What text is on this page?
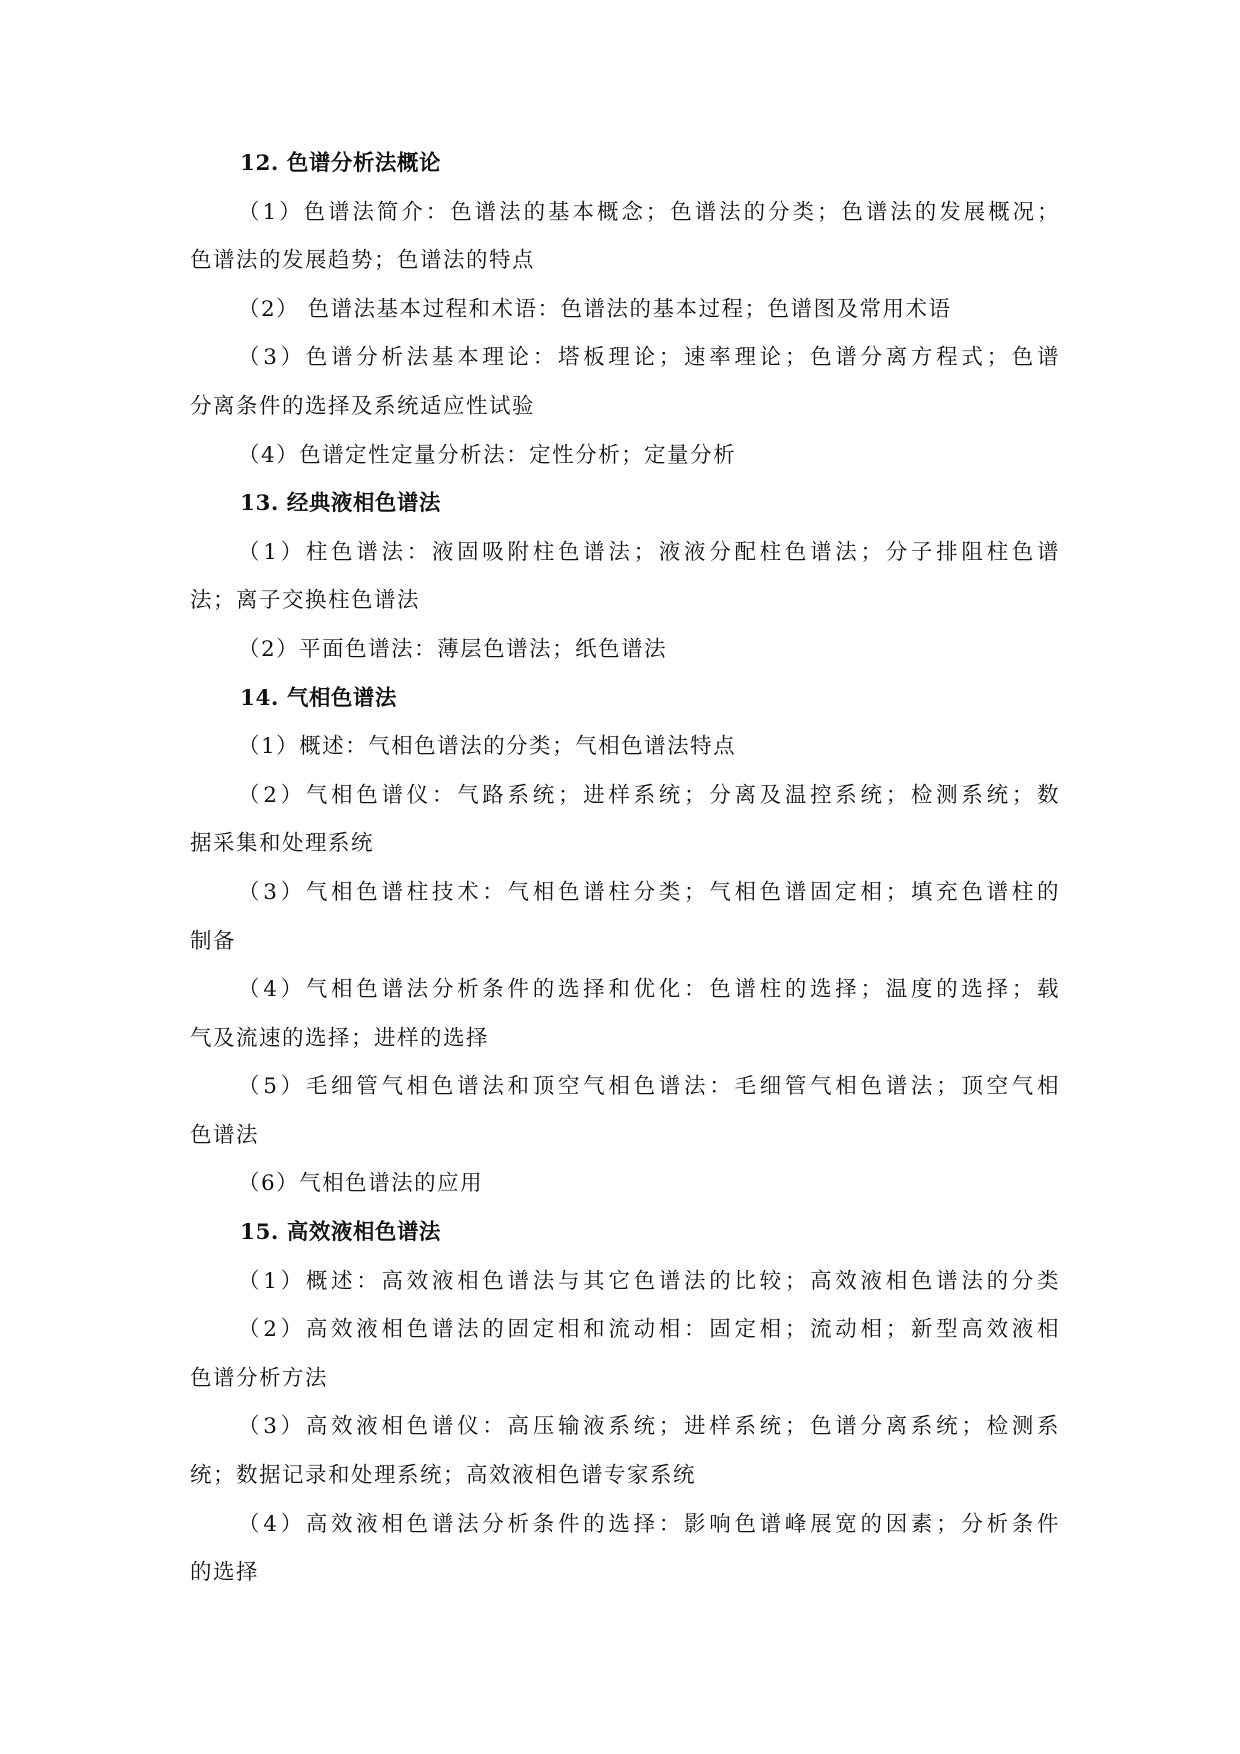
12. 色谱分析法概论
（1）色谱法简介：色谱法的基本概念；色谱法的分类；色谱法的发展概况；
色谱法的发展趋势；色谱法的特点
（2） 色谱法基本过程和术语：色谱法的基本过程；色谱图及常用术语
（3）色谱分析法基本理论：塔板理论；速率理论；色谱分离方程式；色谱
分离条件的选择及系统适应性试验
（4）色谱定性定量分析法：定性分析；定量分析
13. 经典液相色谱法
（1）柱色谱法：液固吸附柱色谱法；液液分配柱色谱法；分子排阻柱色谱
法；离子交换柱色谱法
（2）平面色谱法：薄层色谱法；纸色谱法
14. 气相色谱法
（1）概述：气相色谱法的分类；气相色谱法特点
（2）气相色谱仪：气路系统；进样系统；分离及温控系统；检测系统；数
据采集和处理系统
（3）气相色谱柱技术：气相色谱柱分类；气相色谱固定相；填充色谱柱的
制备
（4）气相色谱法分析条件的选择和优化：色谱柱的选择；温度的选择；载
气及流速的选择；进样的选择
（5）毛细管气相色谱法和顶空气相色谱法：毛细管气相色谱法；顶空气相
色谱法
（6）气相色谱法的应用
15. 高效液相色谱法
（1）概述：高效液相色谱法与其它色谱法的比较；高效液相色谱法的分类
（2）高效液相色谱法的固定相和流动相：固定相；流动相；新型高效液相
色谱分析方法
（3）高效液相色谱仪：高压输液系统；进样系统；色谱分离系统；检测系
统；数据记录和处理系统；高效液相色谱专家系统
（4）高效液相色谱法分析条件的选择：影响色谱峰展宽的因素；分析条件
的选择
